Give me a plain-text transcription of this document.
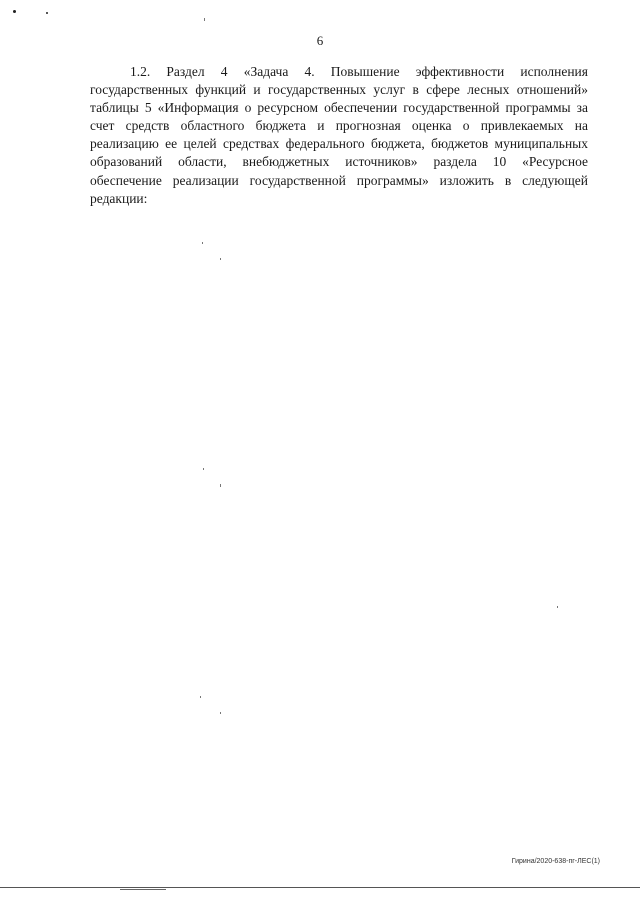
6

1.2. Раздел 4 «Задача 4. Повышение эффективности исполнения государственных функций и государственных услуг в сфере лесных отношений» таблицы 5 «Информация о ресурсном обеспечении государственной программы за счет средств областного бюджета и прогнозная оценка о привлекаемых на реализацию ее целей средствах федерального бюджета, бюджетов муниципальных образований области, внебюджетных источников» раздела 10 «Ресурсное обеспечение реализации государственной программы» изложить в следующей редакции:

Гирина/2020-638-пг-ЛЕС(1)
